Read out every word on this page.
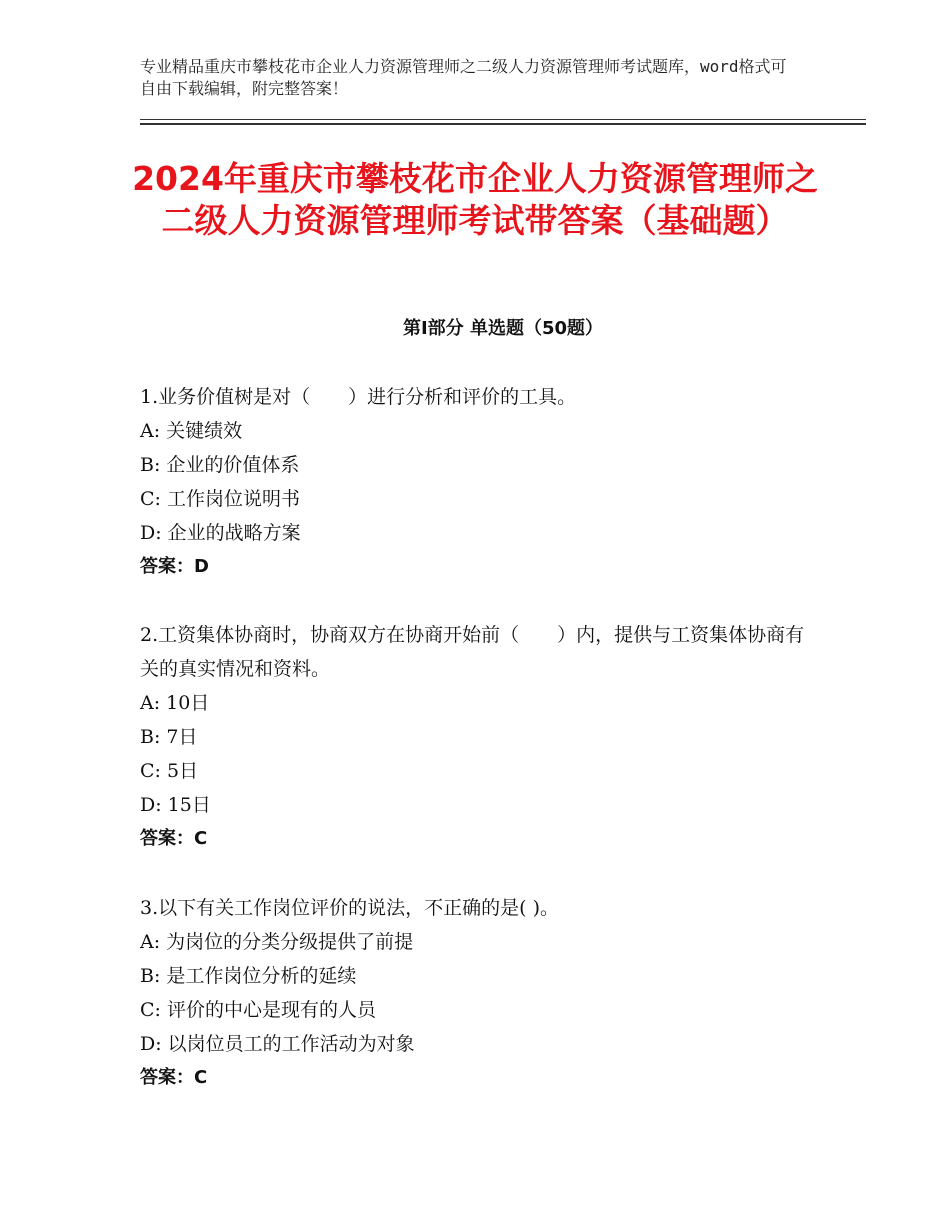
专业精品重庆市攀枝花市企业人力资源管理师之二级人力资源管理师考试题库，word格式可自由下载编辑，附完整答案！
2024年重庆市攀枝花市企业人力资源管理师之二级人力资源管理师考试带答案（基础题）
第Ⅰ部分 单选题（50题）
1.业务价值树是对（　　）进行分析和评价的工具。
A: 关键绩效
B: 企业的价值体系
C: 工作岗位说明书
D: 企业的战略方案
答案：D
2.工资集体协商时，协商双方在协商开始前（　　）内，提供与工资集体协商有关的真实情况和资料。
A: 10日
B: 7日
C: 5日
D: 15日
答案：C
3.以下有关工作岗位评价的说法，不正确的是( )。
A: 为岗位的分类分级提供了前提
B: 是工作岗位分析的延续
C: 评价的中心是现有的人员
D: 以岗位员工的工作活动为对象
答案：C
